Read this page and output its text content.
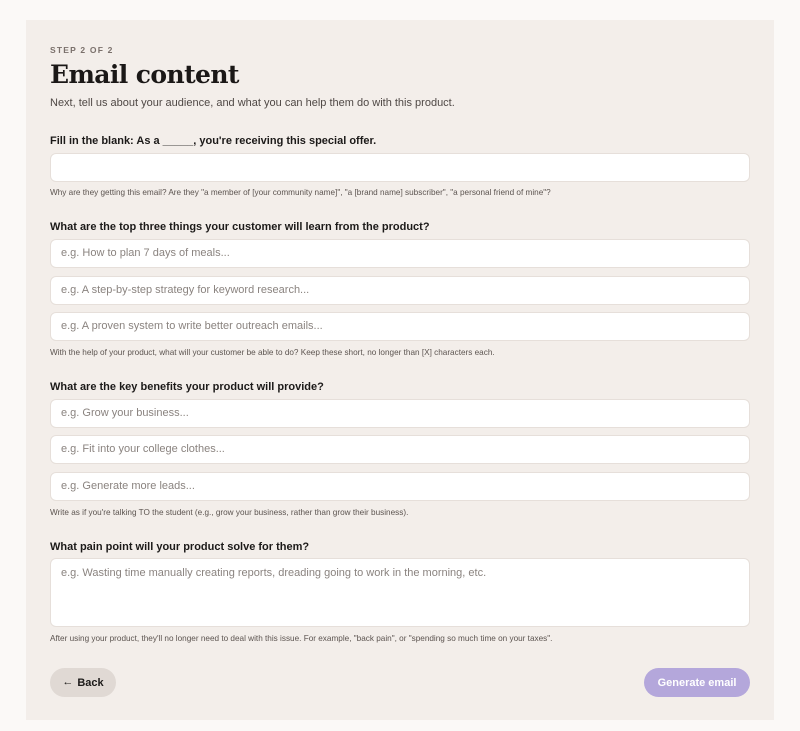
STEP 2 OF 2
Email content

Next, tell us about your audience, and what you can help them do with this product.

Fill in the blank: As a _____, you're receiving this special offer.
Why are they getting this email? Are they "a member of [your community name]", "a [brand name] subscriber", "a personal friend of mine"?
What are the top three things your customer will learn from the product?
e.g. How to plan 7 days of meals...
e.g. A step-by-step strategy for keyword research...
e.g. A proven system to write better outreach emails...
With the help of your product, what will your customer be able to do? Keep these short, no longer than [X] characters each.
What are the key benefits your product will provide?
e.g. Grow your business...
e.g. Fit into your college clothes...
e.g. Generate more leads...
Write as if you're talking TO the student (e.g., grow your business, rather than grow their business).
What pain point will your product solve for them?
e.g. Wasting time manually creating reports, dreading going to work in the morning, etc.
After using your product, they'll no longer need to deal with this issue. For example, "back pain", or "spending so much time on your taxes".
← Back	Generate email
